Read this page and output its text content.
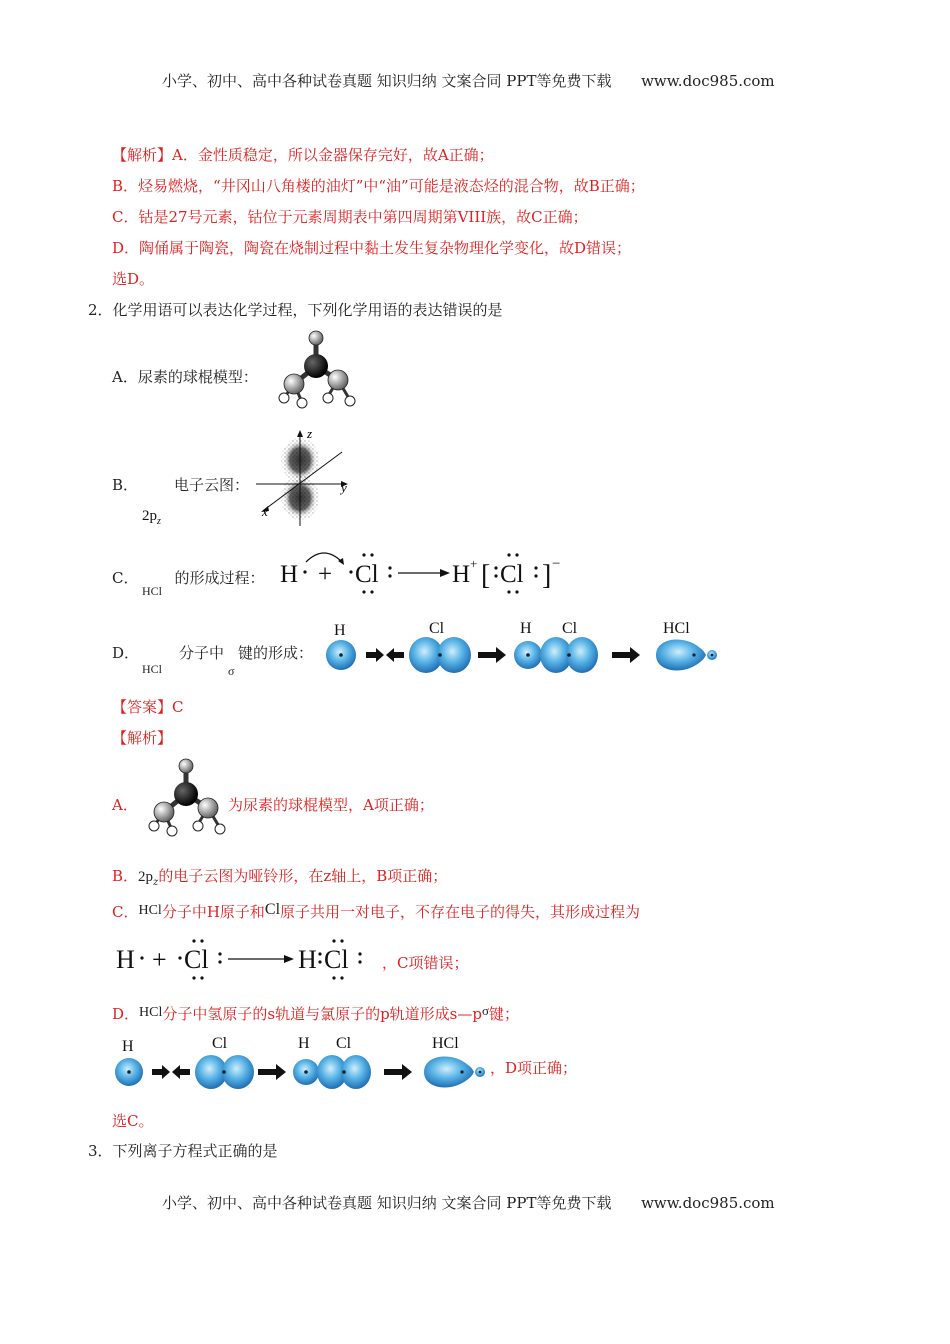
小学、初中、高中各种试卷真题 知识归纳 文案合同 PPT等免费下载 www.doc985.com
【解析】A．金性质稳定，所以金器保存完好，故A正确；
B．烃易燃烧，“井冈山八角楼的油灯”中“油”可能是液态烃的混合物，故B正确；
C．钴是27号元素，钴位于元素周期表中第四周期第VIII族，故C正确；
D．陶俑属于陶瓷，陶瓷在烧制过程中黏土发生复杂物理化学变化，故D错误；
选D。
2．化学用语可以表达化学过程，下列化学用语的表达错误的是
A．尿素的球棍模型：
B． 电子云图：
$2p_z$
z
y
x
C． 的形成过程：
HCl
H + Cl	H + [ Cl ] −
D．	分子中 键的形成：
HCl	σ
H	Cl	H Cl	HCl
【答案】C
【解析】
A．	为尿素的球棍模型，A项正确；
B．$2p_z$的电子云图为哑铃形，在z轴上，B项正确；
C．HCl分子中H原子和Cl原子共用一对电子，不存在电子的得失，其形成过程为
H + Cl	H Cl ，C项错误；
D．HCl分子中氢原子的s轨道与氯原子的p轨道形成s—pσ键；
H	Cl	H Cl	HCl
，D项正确；
选C。
3．下列离子方程式正确的是
小学、初中、高中各种试卷真题 知识归纳 文案合同 PPT等免费下载 www.doc985.com
